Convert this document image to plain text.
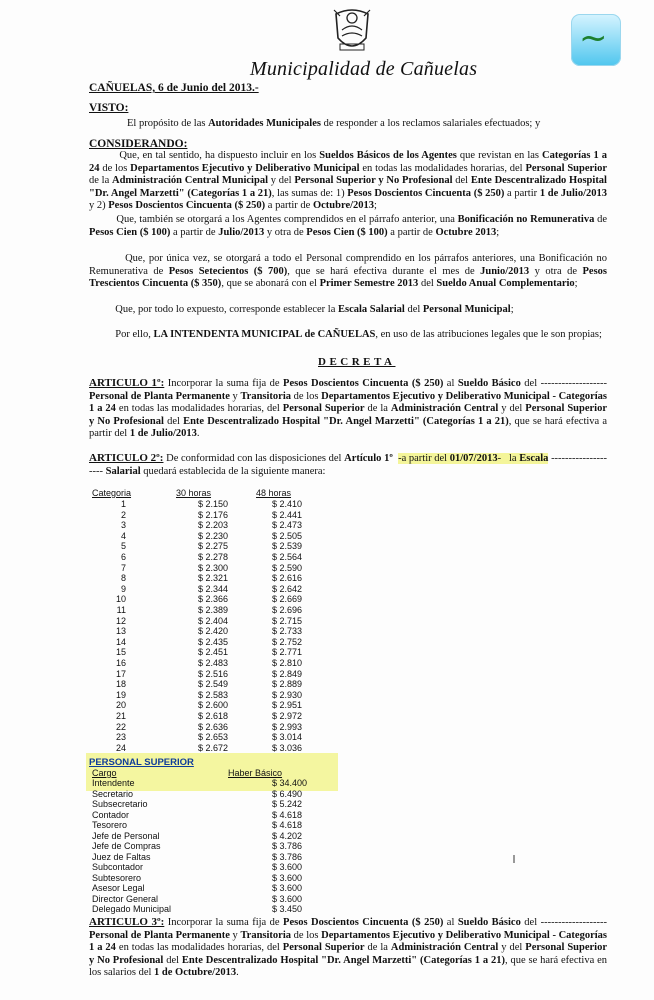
~
Municipalidad de Cañuelas
CAÑUELAS, 6 de Junio del 2013.-
VISTO:
El propósito de las Autoridades Municipales de responder a los reclamos salariales efectuados; y
CONSIDERANDO:
Que, en tal sentido, ha dispuesto incluir en los Sueldos Básicos de los Agentes que revistan en las Categorías 1 a 24 de los Departamentos Ejecutivo y Deliberativo Municipal en todas las modalidades horarias, del Personal Superior de la Administración Central Municipal y del Personal Superior y No Profesional del Ente Descentralizado Hospital "Dr. Angel Marzetti" (Categorías 1 a 21), las sumas de: 1) Pesos Doscientos Cincuenta ($ 250) a partir 1 de Julio/2013 y 2) Pesos Doscientos Cincuenta ($ 250) a partir de Octubre/2013;
Que, también se otorgará a los Agentes comprendidos en el párrafo anterior, una Bonificación no Remunerativa de Pesos Cien ($ 100) a partir de Julio/2013 y otra de Pesos Cien ($ 100) a partir de Octubre 2013;
Que, por única vez, se otorgará a todo el Personal comprendido en los párrafos anteriores, una Bonificación no Remunerativa de Pesos Setecientos ($ 700), que se hará efectiva durante el mes de Junio/2013 y otra de Pesos Trescientos Cincuenta ($ 350), que se abonará con el Primer Semestre 2013 del Sueldo Anual Complementario;
Que, por todo lo expuesto, corresponde establecer la Escala Salarial del Personal Municipal;
Por ello, LA INTENDENTA MUNICIPAL de CAÑUELAS, en uso de las atribuciones legales que le son propias;
DECRETA
ARTICULO 1º: Incorporar la suma fija de Pesos Doscientos Cincuenta ($ 250) al Sueldo Básico del ------------------- Personal de Planta Permanente y Transitoria de los Departamentos Ejecutivo y Deliberativo Municipal - Categorías 1 a 24 en todas las modalidades horarias, del Personal Superior de la Administración Central y del Personal Superior y No Profesional del Ente Descentralizado Hospital "Dr. Angel Marzetti" (Categorías 1 a 21), que se hará efectiva a partir del 1 de Julio/2013.
ARTICULO 2º: De conformidad con las disposiciones del Artículo 1º -a partir del 01/07/2013-   la Escala -------------------- Salarial quedará establecida de la siguiente manera:
Categoria	30 horas	48 horas
1	$ 2.150	$ 2.410
2	$ 2.176	$ 2.441
3	$ 2.203	$ 2.473
4	$ 2.230	$ 2.505
5	$ 2.275	$ 2.539
6	$ 2.278	$ 2.564
7	$ 2.300	$ 2.590
8	$ 2.321	$ 2.616
9	$ 2.344	$ 2.642
10	$ 2.366	$ 2.669
11	$ 2.389	$ 2.696
12	$ 2.404	$ 2.715
13	$ 2.420	$ 2.733
14	$ 2.435	$ 2.752
15	$ 2.451	$ 2.771
16	$ 2.483	$ 2.810
17	$ 2.516	$ 2.849
18	$ 2.549	$ 2.889
19	$ 2.583	$ 2.930
20	$ 2.600	$ 2.951
21	$ 2.618	$ 2.972
22	$ 2.636	$ 2.993
23	$ 2.653	$ 3.014
24	$ 2.672	$ 3.036
PERSONAL SUPERIOR
Cargo	Haber Básico
Intendente	$ 34.400
Secretario	$ 6.490
Subsecretario	$ 5.242
Contador	$ 4.618
Tesorero	$ 4.618
Jefe de Personal	$ 4.202
Jefe de Compras	$ 3.786
Juez de Faltas	$ 3.786
Subcontador	$ 3.600
Subtesorero	$ 3.600
Asesor Legal	$ 3.600
Director General	$ 3.600
Delegado Municipal	$ 3.450
ARTICULO 3º: Incorporar la suma fija de Pesos Doscientos Cincuenta ($ 250) al Sueldo Básico del ------------------- Personal de Planta Permanente y Transitoria de los Departamentos Ejecutivo y Deliberativo Municipal - Categorías 1 a 24 en todas las modalidades horarias, del Personal Superior de la Administración Central y del Personal Superior y No Profesional del Ente Descentralizado Hospital "Dr. Angel Marzetti" (Categorías 1 a 21), que se hará efectiva en los salarios del 1 de Octubre/2013.
